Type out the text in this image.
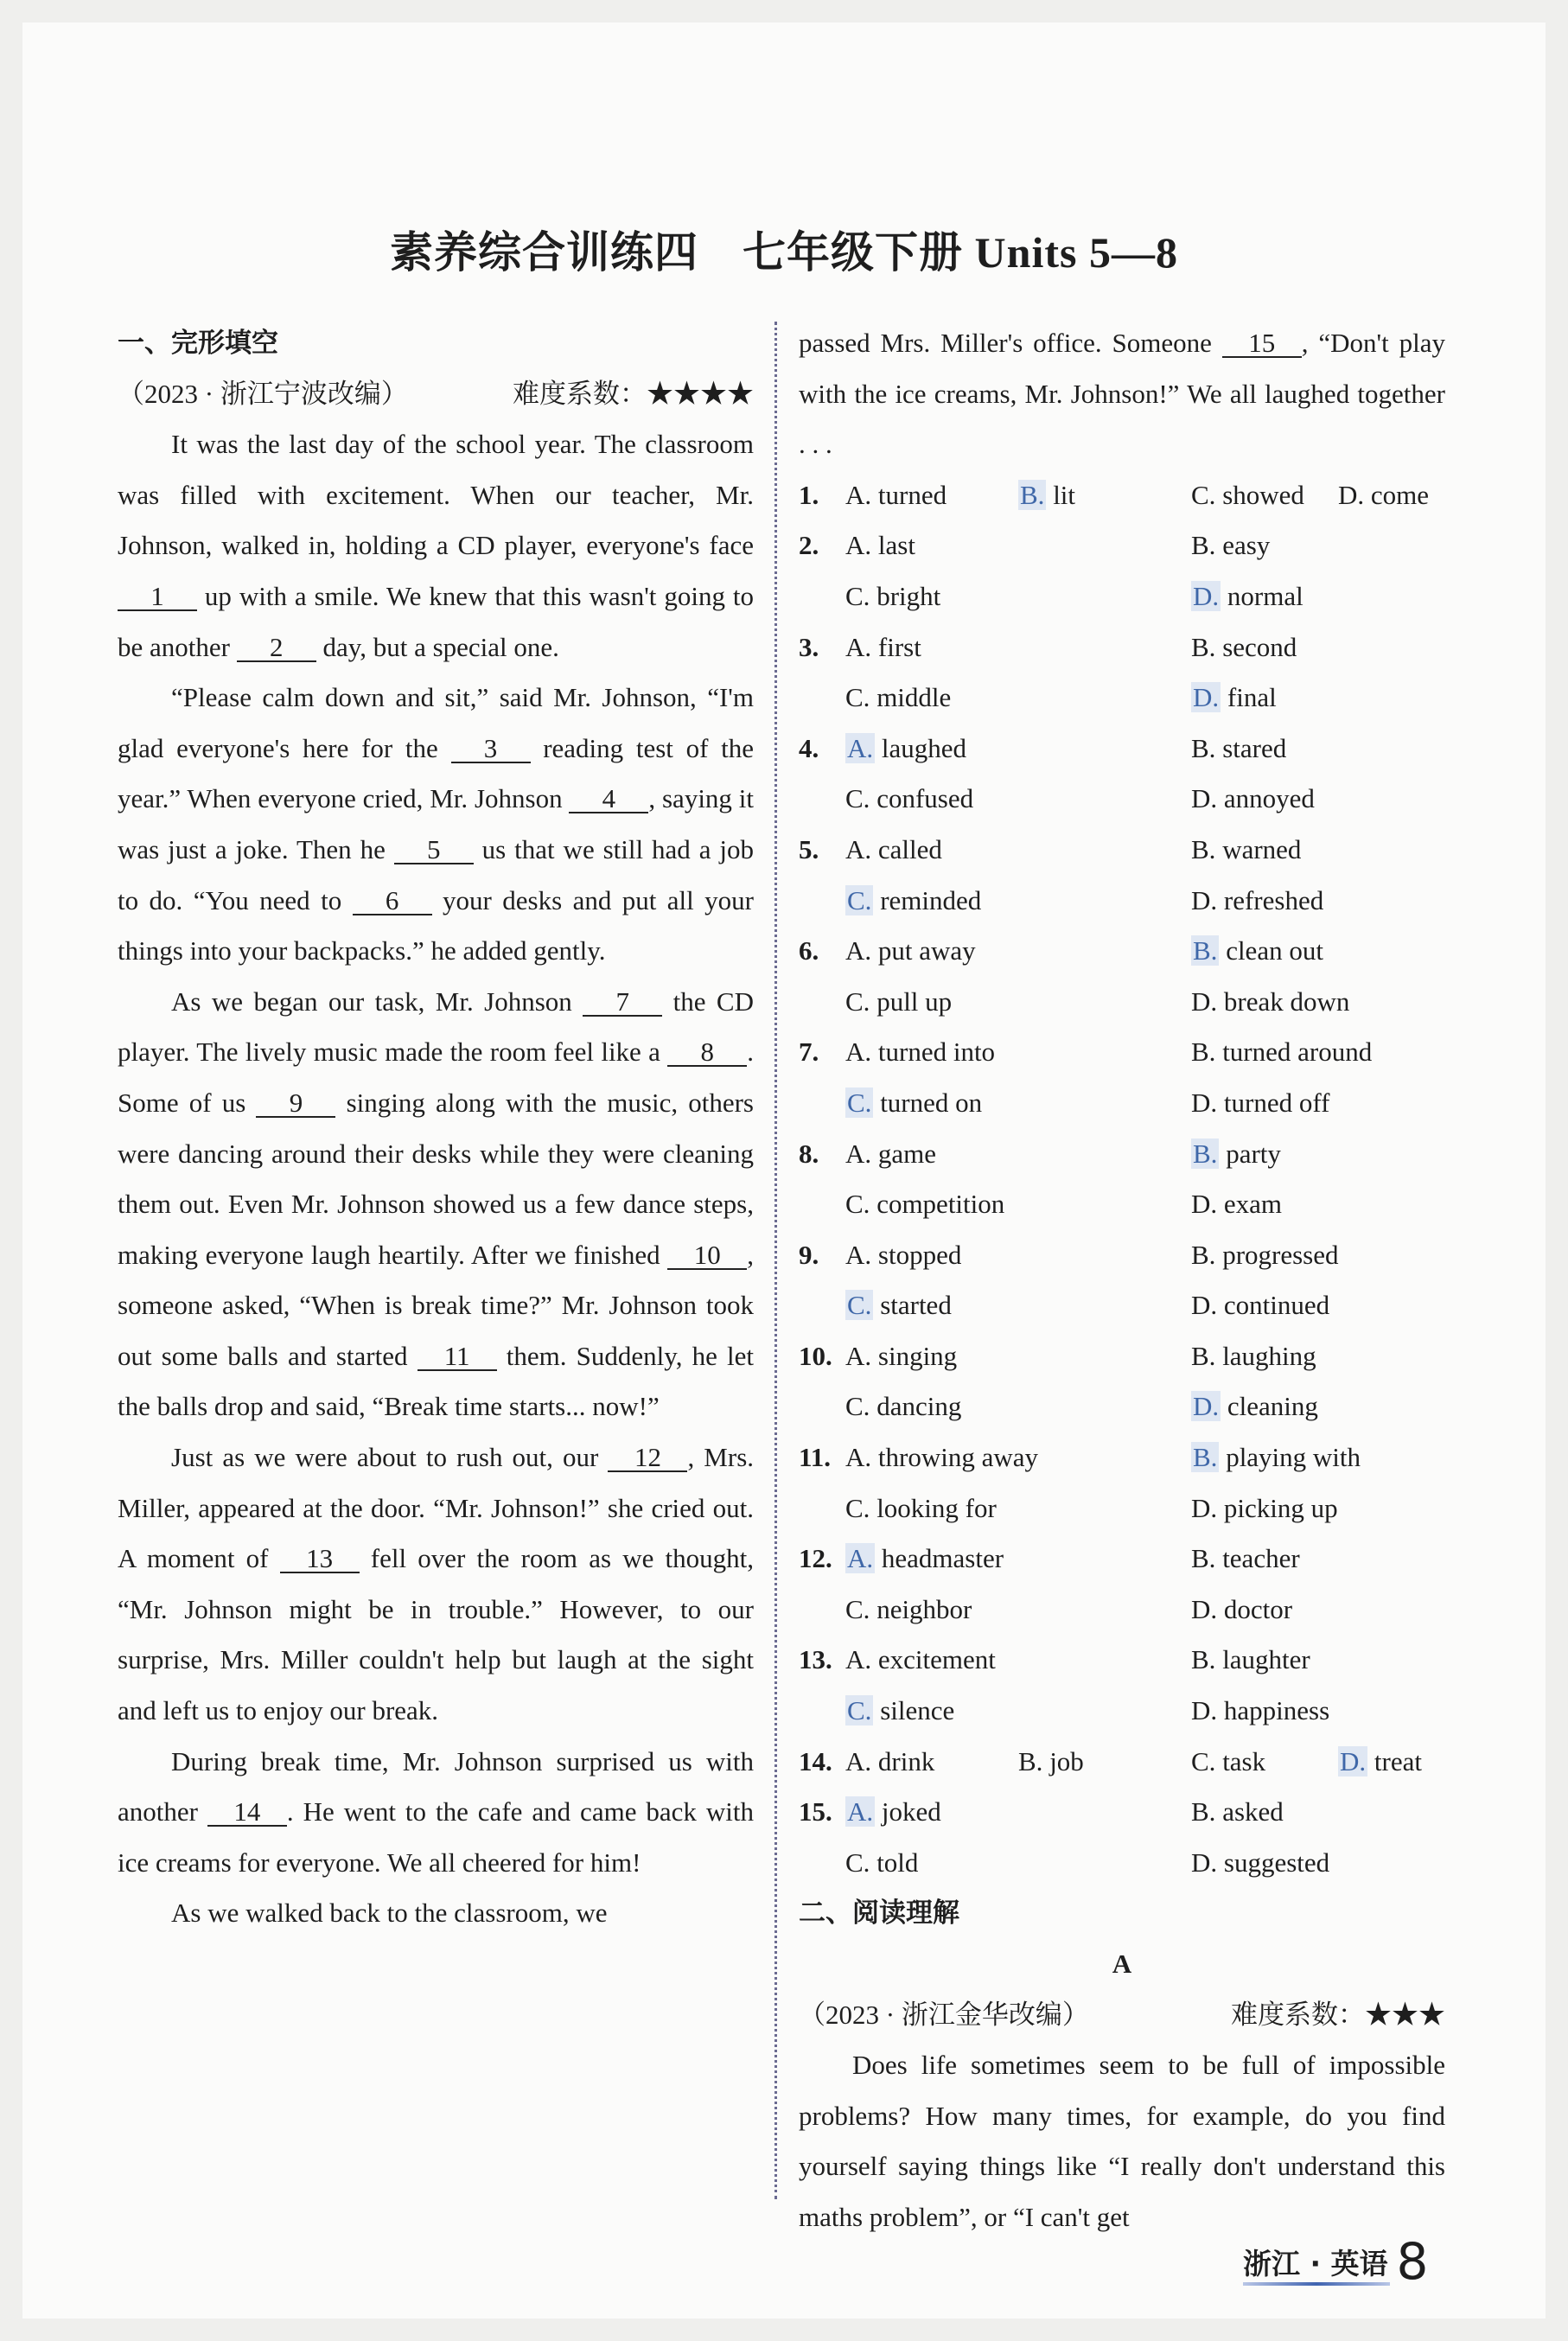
素养综合训练四　七年级下册 Units 5—8
一、完形填空
（2023 · 浙江宁波改编）	难度系数：★★★★

It was the last day of the school year. The classroom was filled with excitement. When our teacher, Mr. Johnson, walked in, holding a CD player, everyone's face 1 up with a smile. We knew that this wasn't going to be another 2 day, but a special one.

“Please calm down and sit,” said Mr. Johnson, “I'm glad everyone's here for the 3 reading test of the year.” When everyone cried, Mr. Johnson 4 , saying it was just a joke. Then he 5 us that we still had a job to do. “You need to 6 your desks and put all your things into your backpacks.” he added gently.

As we began our task, Mr. Johnson 7 the CD player. The lively music made the room feel like a 8 . Some of us 9 singing along with the music, others were dancing around their desks while they were cleaning them out. Even Mr. Johnson showed us a few dance steps, making everyone laugh heartily. After we finished 10 , someone asked, “When is break time?” Mr. Johnson took out some balls and started 11 them. Suddenly, he let the balls drop and said, “Break time starts... now!”

Just as we were about to rush out, our 12 , Mrs. Miller, appeared at the door. “Mr. Johnson!” she cried out. A moment of 13 fell over the room as we thought, “Mr. Johnson might be in trouble.” However, to our surprise, Mrs. Miller couldn't help but laugh at the sight and left us to enjoy our break.

During break time, Mr. Johnson surprised us with another 14 . He went to the cafe and came back with ice creams for everyone. We all cheered for him!

As we walked back to the classroom, we

passed Mrs. Miller's office. Someone 15 , “Don't play with the ice creams, Mr. Johnson!” We all laughed together . . .

1. A. turned	B. lit	C. showed	D. come
2. A. last	B. easy
C. bright	D. normal
3. A. first	B. second
C. middle	D. final
4.	A. laughed	B. stared
C. confused	D. annoyed
5. A. called	B. warned
C. reminded	D. refreshed
6. A. put away	B. clean out
C. pull up	D. break down
7. A. turned into	B. turned around
C. turned on	D. turned off
8. A. game	B. party
C. competition	D. exam
9. A. stopped	B. progressed
C. started	D. continued
10. A. singing	B. laughing
C. dancing	D. cleaning
11. A. throwing away	B. playing with
C. looking for	D. picking up
12. A. headmaster	B. teacher
C. neighbor	D. doctor
13. A. excitement	B. laughter
C. silence	D. happiness
14. A. drink	B. job	C. task	D. treat
15. A. joked	B. asked
C. told	D. suggested
二、阅读理解
A
（2023 · 浙江金华改编）	难度系数：★★★

Does life sometimes seem to be full of impossible problems? How many times, for example, do you find yourself saying things like “I really don't understand this maths problem”, or “I can't get

浙江 · 英语 8
